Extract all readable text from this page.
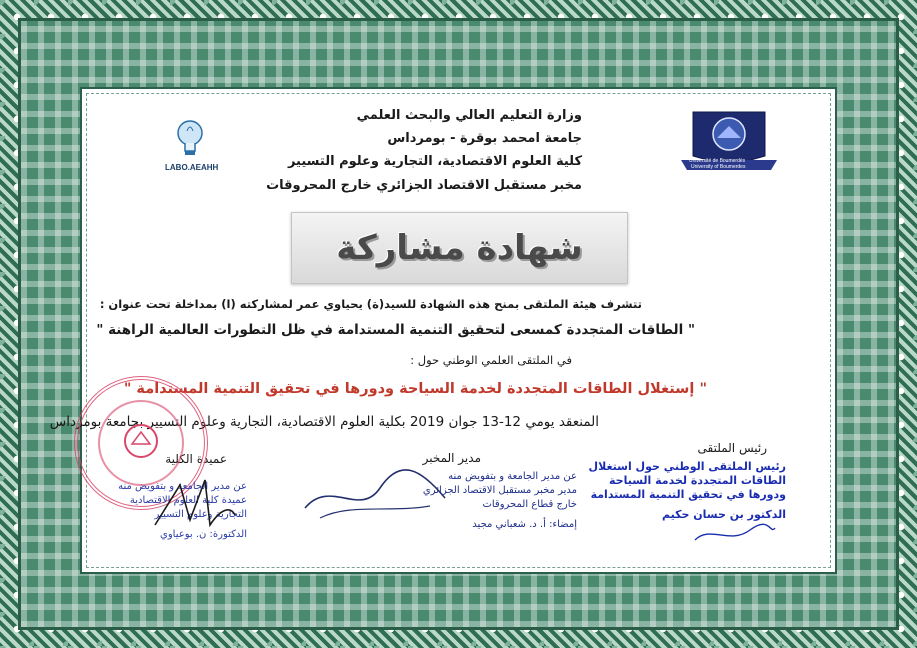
LABO.AEAHH
Université de Boumerdès
University of Boumerdes
وزارة التعليم العالي والبحث العلمي
جامعة امحمد بوقرة - بومرداس
كلية العلوم الاقتصادية، التجارية وعلوم التسيير
مخبر مستقبل الاقتصاد الجزائري خارج المحروقات
شهادة مشاركة
تتشرف هيئة الملتقى بمنح هذه الشهادة للسيد(ة) يحياوي عمر لمشاركته (ا) بمداخلة تحت عنوان :
" الطاقات المتجددة كمسعى لتحقيق التنمية المستدامة في ظل التطورات العالمية الراهنة "
في الملتقى العلمي الوطني حول :
" إستغلال الطاقات المتجددة لخدمة السياحة ودورها في تحقيق التنمية المستدامة "
المنعقد يومي 12-13 جوان 2019 بكلية العلوم الاقتصادية، التجارية وعلوم التسيير بجامعة بومرداس
رئيس الملتقى
مدير المخبر
عميدة الكلية
رئيس الملتقى الوطني حول استغلال
الطاقات المتجددة لخدمة السياحة
ودورها في تحقيق التنمية المستدامة
الدكتور بن حسان حكيم
عن مدير الجامعة و بتفويض منه
مدير مخبر مستقبل الاقتصاد الجزائري
خارج قطاع المحروقات
إمضاء: أ. د. شعباني مجيد
عن مدير الجامعة و بتفويض منه
عميدة كلية العلوم الاقتصادية
التجارية وعلوم التسيير
الدكتورة: ن. بوعياوي
